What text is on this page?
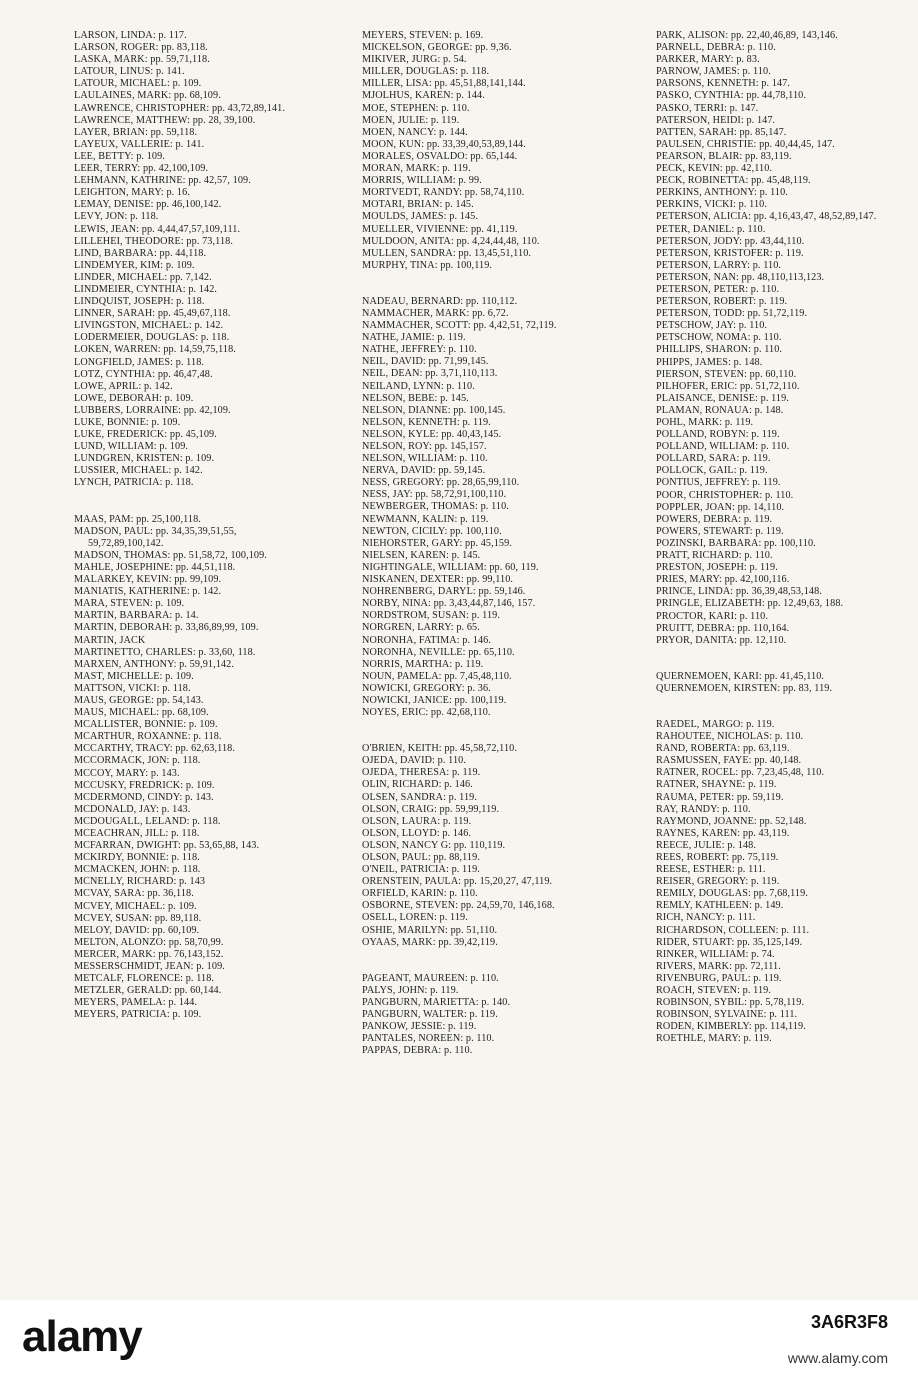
LARSON, LINDA: p. 117.
LARSON, ROGER: pp. 83,118.
LASKA, MARK: pp. 59,71,118.
LATOUR, LINUS: p. 141.
LATOUR, MICHAEL: p. 109.
LAULAINES, MARK: pp. 68,109.
LAWRENCE, CHRISTOPHER: pp. 43,72,89,141.
LAWRENCE, MATTHEW: pp. 28, 39,100.
LAYER, BRIAN: pp. 59,118.
LAYEUX, VALLERIE: p. 141.
LEE, BETTY: p. 109.
LEER, TERRY: pp. 42,100,109.
LEHMANN, KATHRINE: pp. 42,57, 109.
LEIGHTON, MARY: p. 16.
LEMAY, DENISE: pp. 46,100,142.
LEVY, JON: p. 118.
LEWIS, JEAN: pp. 4,44,47,57,109,111.
LILLEHEI, THEODORE: pp. 73,118.
LIND, BARBARA: pp. 44,118.
LINDEMYER, KIM: p. 109.
LINDER, MICHAEL: pp. 7,142.
LINDMEIER, CYNTHIA: p. 142.
LINDQUIST, JOSEPH: p. 118.
LINNER, SARAH: pp. 45,49,67,118.
LIVINGSTON, MICHAEL: p. 142.
LODERMEIER, DOUGLAS: p. 118.
LOKEN, WARREN: pp. 14,59,75,118.
LONGFIELD, JAMES: p. 118.
LOTZ, CYNTHIA: pp. 46,47,48.
LOWE, APRIL: p. 142.
LOWE, DEBORAH: p. 109.
LUBBERS, LORRAINE: pp. 42,109.
LUKE, BONNIE: p. 109.
LUKE, FREDERICK: pp. 45,109.
LUND, WILLIAM: p. 109.
LUNDGREN, KRISTEN: p. 109.
LUSSIER, MICHAEL: p. 142.
LYNCH, PATRICIA: p. 118.
MAAS, PAM: pp. 25,100,118.
MADSON, PAUL: pp. 34,35,39,51,55, 59,72,89,100,142.
MADSON, THOMAS: pp. 51,58,72, 100,109.
MAHLE, JOSEPHINE: pp. 44,51,118.
MALARKEY, KEVIN: pp. 99,109.
MANIATIS, KATHERINE: p. 142.
MARA, STEVEN: p. 109.
MARTIN, BARBARA: p. 14.
MARTIN, DEBORAH: p. 33,86,89,99, 109.
MARTIN, JACK
MARTINETTO, CHARLES: p. 33,60, 118.
MARXEN, ANTHONY: p. 59,91,142.
MAST, MICHELLE: p. 109.
MATTSON, VICKI: p. 118.
MAUS, GEORGE: pp. 54,143.
MAUS, MICHAEL: pp. 68,109.
MCALLISTER, BONNIE: p. 109.
MCARTHUR, ROXANNE: p. 118.
MCCARTHY, TRACY: pp. 62,63,118.
MCCORMACK, JON: p. 118.
MCCOY, MARY: p. 143.
MCCUSKY, FREDRICK: p. 109.
MCDERMOND, CINDY: p. 143.
MCDONALD, JAY: p. 143.
MCDOUGALL, LELAND: p. 118.
MCEACHRAN, JILL: p. 118.
MCFARRAN, DWIGHT: pp. 53,65,88, 143.
MCKIRDY, BONNIE: p. 118.
MCMACKEN, JOHN: p. 118.
MCNELLY, RICHARD: p. 143
MCVAY, SARA: pp. 36,118.
MCVEY, MICHAEL: p. 109.
MCVEY, SUSAN: pp. 89,118.
MELOY, DAVID: pp. 60,109.
MELTON, ALONZO: pp. 58,70,99.
MERCER, MARK: pp. 76,143,152.
MESSERSCHMIDT, JEAN: p. 109.
METCALF, FLORENCE: p. 118.
METZLER, GERALD: pp. 60,144.
MEYERS, PAMELA: p. 144.
MEYERS, PATRICIA: p. 109.
MEYERS, STEVEN: p. 169.
MICKELSON, GEORGE: pp. 9,36.
MIKIVER, JURG: p. 54.
MILLER, DOUGLAS: p. 118.
MILLER, LISA: pp. 45,51,88,141,144.
MJOLHUS, KAREN: p. 144.
MOE, STEPHEN: p. 110.
MOEN, JULIE: p. 119.
MOEN, NANCY: p. 144.
MOON, KUN: pp. 33,39,40,53,89,144.
MORALES, OSVALDO: pp. 65,144.
MORAN, MARK: p. 119.
MORRIS, WILLIAM: p. 99.
MORTVEDT, RANDY: pp. 58,74,110.
MOTARI, BRIAN: p. 145.
MOULDS, JAMES: p. 145.
MUELLER, VIVIENNE: pp. 41,119.
MULDOON, ANITA: pp. 4,24,44,48, 110.
MULLEN, SANDRA: pp. 13,45,51,110.
MURPHY, TINA: pp. 100,119.
NADEAU, BERNARD: pp. 110,112.
NAMMACHER, MARK: pp. 6,72.
NAMMACHER, SCOTT: pp. 4,42,51, 72,119.
NATHE, JAMIE: p. 119.
NATHE, JEFFREY: p. 110.
NEIL, DAVID: pp. 71,99,145.
NEIL, DEAN: pp. 3,71,110,113.
NEILAND, LYNN: p. 110.
NELSON, BEBE: p. 145.
NELSON, DIANNE: pp. 100,145.
NELSON, KENNETH: p. 119.
NELSON, KYLE: pp. 40,43,145.
NELSON, ROY: pp. 145,157.
NELSON, WILLIAM: p. 110.
NERVA, DAVID: pp. 59,145.
NESS, GREGORY: pp. 28,65,99,110.
NESS, JAY: pp. 58,72,91,100,110.
NEWBERGER, THOMAS: p. 110.
NEWMANN, KALIN: p. 119.
NEWTON, CICILY: pp. 100,110.
NIEHORSTER, GARY: pp. 45,159.
NIELSEN, KAREN: p. 145.
NIGHTINGALE, WILLIAM: pp. 60, 119.
NISKANEN, DEXTER: pp. 99,110.
NOHRENBERG, DARYL: pp. 59,146.
NORBY, NINA: pp. 3,43,44,87,146, 157.
NORDSTROM, SUSAN: p. 119.
NORGREN, LARRY: p. 65.
NORONHA, FATIMA: p. 146.
NORONHA, NEVILLE: pp. 65,110.
NORRIS, MARTHA: p. 119.
NOUN, PAMELA: pp. 7,45,48,110.
NOWICKI, GREGORY: p. 36.
NOWICKI, JANICE: pp. 100,119.
NOYES, ERIC: pp. 42,68,110.
O'BRIEN, KEITH: pp. 45,58,72,110.
OJEDA, DAVID: p. 110.
OJEDA, THERESA: p. 119.
OLIN, RICHARD: p. 146.
OLSEN, SANDRA: p. 119.
OLSON, CRAIG: pp. 59,99,119.
OLSON, LAURA: p. 119.
OLSON, LLOYD: p. 146.
OLSON, NANCY G: pp. 110,119.
OLSON, PAUL: pp. 88,119.
O'NEIL, PATRICIA: p. 119.
ORENSTEIN, PAULA: pp. 15,20,27, 47,119.
ORFIELD, KARIN: p. 110.
OSBORNE, STEVEN: pp. 24,59,70, 146,168.
OSELL, LOREN: p. 119.
OSHIE, MARILYN: pp. 51,110.
OYAAS, MARK: pp. 39,42,119.
PAGEANT, MAUREEN: p. 110.
PALYS, JOHN: p. 119.
PANGBURN, MARIETTA: p. 140.
PANGBURN, WALTER: p. 119.
PANKOW, JESSIE: p. 119.
PANTALES, NOREEN: p. 110.
PAPPAS, DEBRA: p. 110.
PARK, ALISON: pp. 22,40,46,89, 143,146.
PARNELL, DEBRA: p. 110.
PARKER, MARY: p. 83.
PARNOW, JAMES: p. 110.
PARSONS, KENNETH: p. 147.
PASKO, CYNTHIA: pp. 44,78,110.
PASKO, TERRI: p. 147.
PATERSON, HEIDI: p. 147.
PATTEN, SARAH: pp. 85,147.
PAULSEN, CHRISTIE: pp. 40,44,45, 147.
PEARSON, BLAIR: pp. 83,119.
PECK, KEVIN: pp. 42,110.
PECK, ROBINETTA: pp. 45,48,119.
PERKINS, ANTHONY: p. 110.
PERKINS, VICKI: p. 110.
PETERSON, ALICIA: pp. 4,16,43,47, 48,52,89,147.
PETER, DANIEL: p. 110.
PETERSON, JODY: pp. 43,44,110.
PETERSON, KRISTOFER: p. 119.
PETERSON, LARRY: p. 110.
PETERSON, NAN: pp. 48,110,113,123.
PETERSON, PETER: p. 110.
PETERSON, ROBERT: p. 119.
PETERSON, TODD: pp. 51,72,119.
PETSCHOW, JAY: p. 110.
PETSCHOW, NOMA: p. 110.
PHILLIPS, SHARON: p. 110.
PHIPPS, JAMES: p. 148.
PIERSON, STEVEN: pp. 60,110.
PILHOFER, ERIC: pp. 51,72,110.
PLAISANCE, DENISE: p. 119.
PLAMAN, RONAUA: p. 148.
POHL, MARK: p. 119.
POLLAND, ROBYN: p. 119.
POLLAND, WILLIAM: p. 110.
POLLARD, SARA: p. 119.
POLLOCK, GAIL: p. 119.
PONTIUS, JEFFREY: p. 119.
POOR, CHRISTOPHER: p. 110.
POPPLER, JOAN: pp. 14,110.
POWERS, DEBRA: p. 119.
POWERS, STEWART: p. 119.
POZINSKI, BARBARA: pp. 100,110.
PRATT, RICHARD: p. 110.
PRESTON, JOSEPH: p. 119.
PRIES, MARY: pp. 42,100,116.
PRINCE, LINDA: pp. 36,39,48,53,148.
PRINGLE, ELIZABETH: pp. 12,49,63, 188.
PROCTOR, KARI: p. 110.
PRUITT, DEBRA: pp. 110,164.
PRYOR, DANITA: pp. 12,110.
QUERNEMOEN, KARI: pp. 41,45,110.
QUERNEMOEN, KIRSTEN: pp. 83, 119.
RAEDEL, MARGO: p. 119.
RAHOUTEE, NICHOLAS: p. 110.
RAND, ROBERTA: pp. 63,119.
RASMUSSEN, FAYE: pp. 40,148.
RATNER, ROCEL: pp. 7,23,45,48, 110.
RATNER, SHAYNE: p. 119.
RAUMA, PETER: pp. 59,119.
RAY, RANDY: p. 110.
RAYMOND, JOANNE: pp. 52,148.
RAYNES, KAREN: pp. 43,119.
REECE, JULIE: p. 148.
REES, ROBERT: pp. 75,119.
REESE, ESTHER: p. 111.
REISER, GREGORY: p. 119.
REMILY, DOUGLAS: pp. 7,68,119.
REMLY, KATHLEEN: p. 149.
RICH, NANCY: p. 111.
RICHARDSON, COLLEEN: p. 111.
RIDER, STUART: pp. 35,125,149.
RINKER, WILLIAM: p. 74.
RIVERS, MARK: pp. 72,111.
RIVENBURG, PAUL: p. 119.
ROACH, STEVEN: p. 119.
ROBINSON, SYBIL: pp. 5,78,119.
ROBINSON, SYLVAINE: p. 111.
RODEN, KIMBERLY: pp. 114,119.
ROETHLE, MARY: p. 119.
alamy	3A6R3F8
www.alamy.com
